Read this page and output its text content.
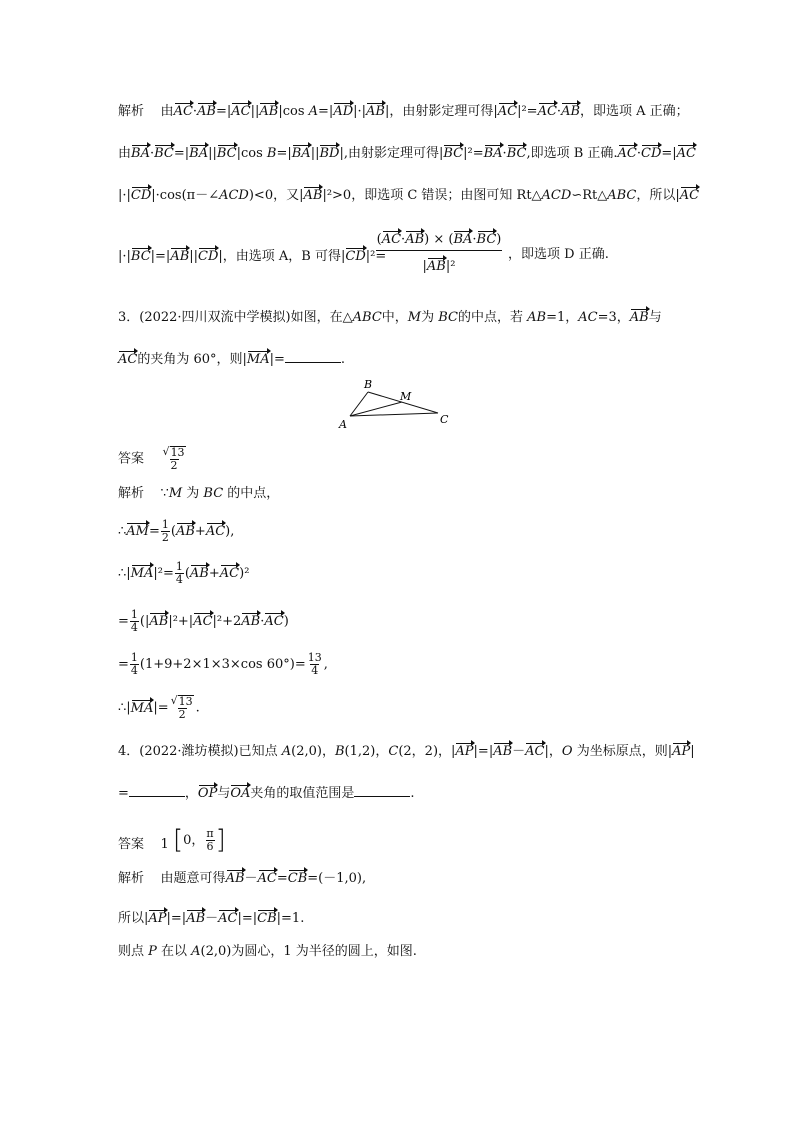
解析 由AC·AB=|AC||AB|cos A=|AD|·|AB|，由射影定理可得|AC|²=AC·AB，即选项 A 正确；
由BA·BC=|BA||BC|cos B=|BA||BD|,由射影定理可得|BC|²=BA·BC,即选项 B 正确.AC·CD=|AC
|·|CD|·cos(π－∠ACD)<0，又|AB|²>0，即选项 C 错误；由图可知 Rt△ACD∽Rt△ABC，所以|AC
|·|BC|=|AB||CD|，由选项 A，B 可得|CD|²=
$\frac{(AC\cdot AB) \times (BA\cdot BC)}{\text{|AB|²}}$ ，即选项 D 正确.
3．(2022·四川双流中学模拟)如图，在△ABC中，M为 BC的中点，若 AB=1，AC=3，AB与
AC的夹角为 60°，则|MA|=	.
A
B
C
M
答案 $\frac{√ 13}{2}$
解析 ∵M 为 BC 的中点，
∴AM= $\frac{1}{2} (AB+AC)$,
∴|MA|²= $\frac{1}{4} (AB+AC)^2$
= $\frac{1}{4} (|AB|^2+|AC|^2+2AB\cdot AC)$
= $\frac{1}{4} (1+9+2\times 1\times 3\times\cos$ $60^\circ)= \frac{13}{4}$ ,
∴|MA|= $\frac{√ 13}{2}$ .
4．(2022·潍坊模拟)已知点 A(2,0)，B(1,2)，C(2，2)，|AP|=|AB－AC|，O 为坐标原点，则|AP|
=	，OP与OA夹角的取值范围是	.
答案 1 [ 0， $\frac{\pi}{6}$ ]
解析 由题意可得AB－AC=CB=(－1,0),
所以|AP|=|AB－AC|=|CB|=1.
则点 P 在以 A(2,0)为圆心，1 为半径的圆上，如图.
